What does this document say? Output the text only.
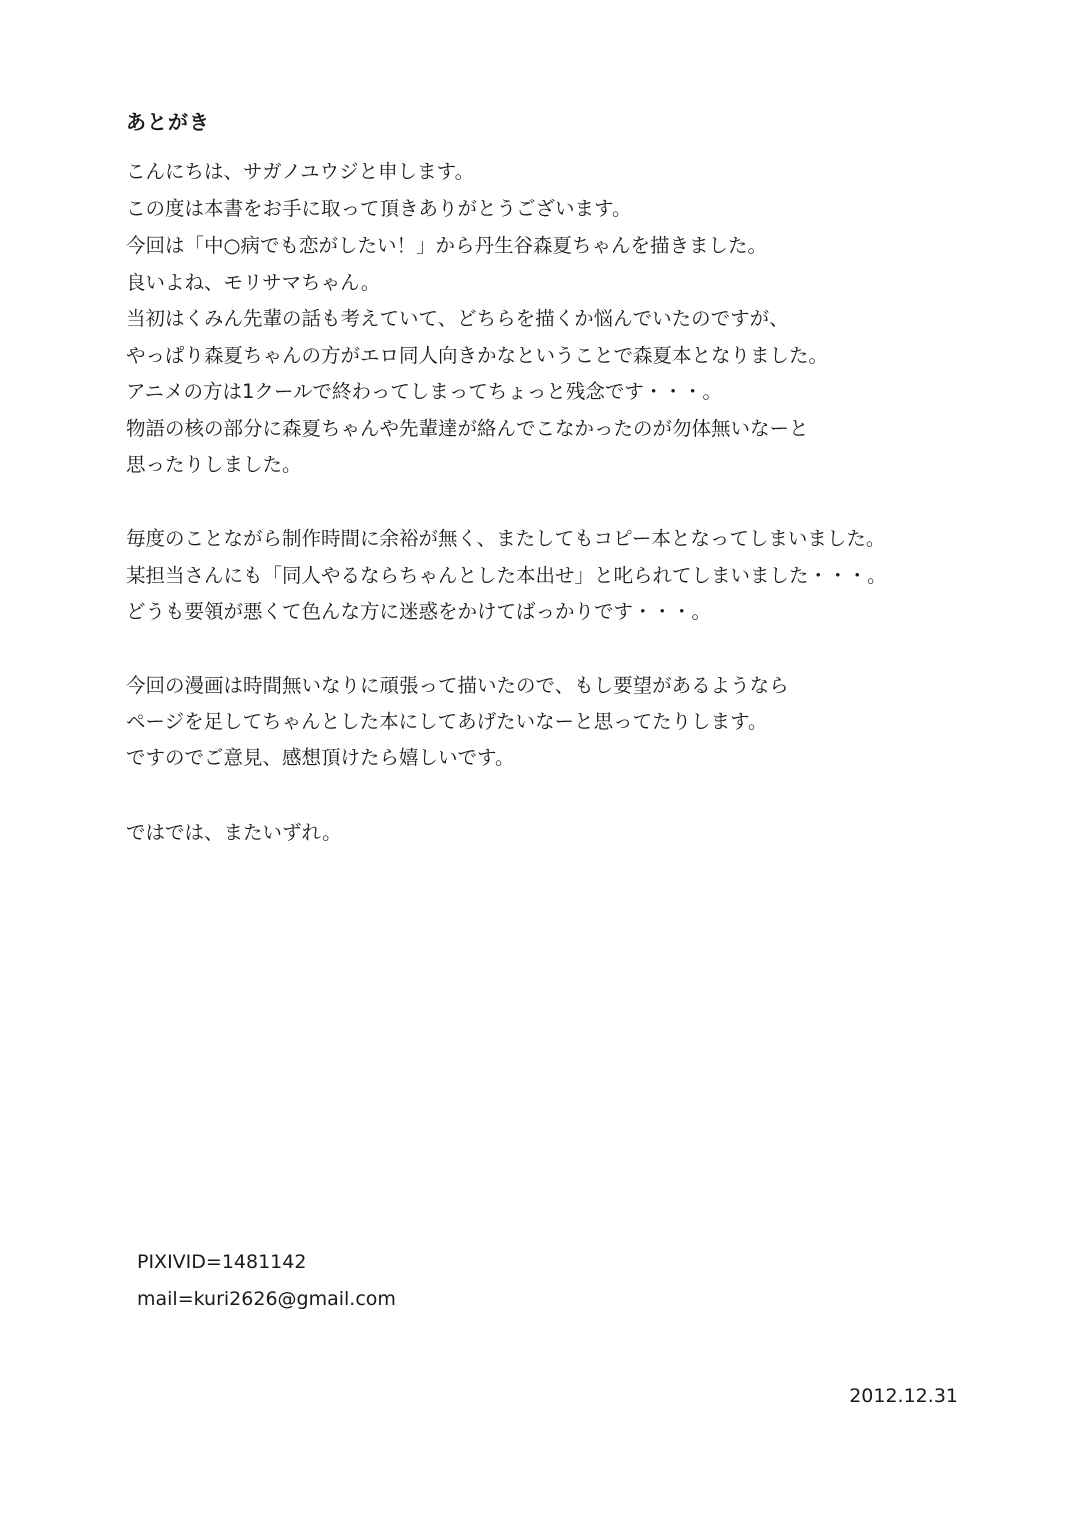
あとがき
こんにちは、サガノユウジと申します。
この度は本書をお手に取って頂きありがとうございます。
今回は「中○病でも恋がしたい！」から丹生谷森夏ちゃんを描きました。
良いよね、モリサマちゃん。
当初はくみん先輩の話も考えていて、どちらを描くか悩んでいたのですが、
やっぱり森夏ちゃんの方がエロ同人向きかなということで森夏本となりました。
アニメの方は1クールで終わってしまってちょっと残念です・・・。
物語の核の部分に森夏ちゃんや先輩達が絡んでこなかったのが勿体無いなーと
思ったりしました。
毎度のことながら制作時間に余裕が無く、またしてもコピー本となってしまいました。
某担当さんにも「同人やるならちゃんとした本出せ」と叱られてしまいました・・・。
どうも要領が悪くて色んな方に迷惑をかけてばっかりです・・・。
今回の漫画は時間無いなりに頑張って描いたので、もし要望があるようなら
ページを足してちゃんとした本にしてあげたいなーと思ってたりします。
ですのでご意見、感想頂けたら嬉しいです。
ではでは、またいずれ。
PIXIVID=1481142
mail=kuri2626@gmail.com
2012.12.31
